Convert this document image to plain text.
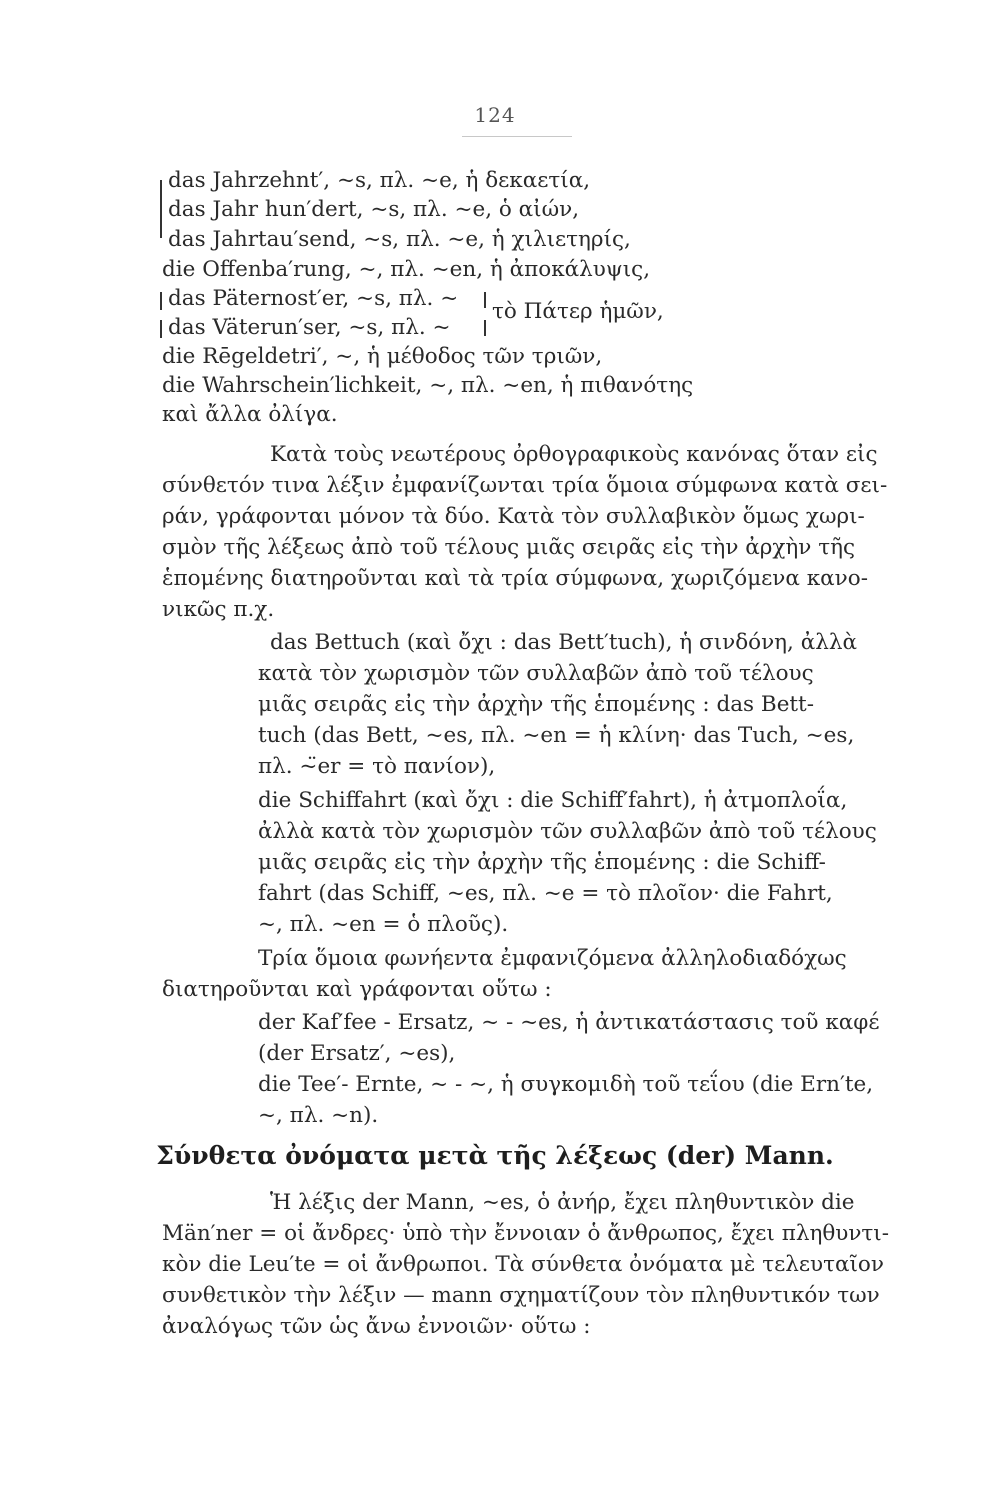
124
das Jahrzehnt′, ~s, πλ. ~e, ἡ δεκαετία,
das Jahr hun′dert, ~s, πλ. ~e, ὁ αἰών,
das Jahrtau′send, ~s, πλ. ~e, ἡ χιλιετηρίς,
die Offenba′rung, ~, πλ. ~en, ἡ ἀποκάλυψις,
das Päternost′er, ~s, πλ. ~
das Väterun′ser, ~s, πλ. ~
τὸ Πάτερ ἡμῶν,
die Rēgeldetri′, ~, ἡ μέθοδος τῶν τριῶν,
die Wahrschein′lichkeit, ~, πλ. ~en, ἡ πιθανότης
καὶ ἄλλα ὀλίγα.
Κατὰ τοὺς νεωτέρους ὀρθογραφικοὺς κανόνας ὅταν εἰς
σύνθετόν τινα λέξιν ἐμφανίζωνται τρία ὅμοια σύμφωνα κατὰ σει-
ράν, γράφονται μόνον τὰ δύο. Κατὰ τὸν συλλαβικὸν ὅμως χωρι-
σμὸν τῆς λέξεως ἀπὸ τοῦ τέλους μιᾶς σειρᾶς εἰς τὴν ἀρχὴν τῆς
ἑπομένης διατηροῦνται καὶ τὰ τρία σύμφωνα, χωριζόμενα κανο-
νικῶς π.χ.
das Bettuch (καὶ ὄχι : das Bett′tuch), ἡ σινδόνη, ἀλλὰ
κατὰ τὸν χωρισμὸν τῶν συλλαβῶν ἀπὸ τοῦ τέλους
μιᾶς σειρᾶς εἰς τὴν ἀρχὴν τῆς ἑπομένης : das Bett-
tuch (das Bett, ~es, πλ. ~en = ἡ κλίνη· das Tuch, ~es,
πλ. ~̈er = τὸ πανίον),
die Schiffahrt (καὶ ὄχι : die Schiff′fahrt), ἡ ἀτμοπλοΐα,
ἀλλὰ κατὰ τὸν χωρισμὸν τῶν συλλαβῶν ἀπὸ τοῦ τέλους
μιᾶς σειρᾶς εἰς τὴν ἀρχὴν τῆς ἑπομένης : die Schiff-
fahrt (das Schiff, ~es, πλ. ~e = τὸ πλοῖον· die Fahrt,
~, πλ. ~en = ὁ πλοῦς).
Τρία ὅμοια φωνήεντα ἐμφανιζόμενα ἀλληλοδιαδόχως
διατηροῦνται καὶ γράφονται οὕτω :
der Kaf′fee - Ersatz, ~ - ~es, ἡ ἀντικατάστασις τοῦ καφέ
(der Ersatz′, ~es),
die Tee′- Ernte, ~ - ~, ἡ συγκομιδὴ τοῦ τεΐου (die Ern′te,
~, πλ. ~n).
Σύνθετα ὀνόματα μετὰ τῆς λέξεως (der) Mann.
Ἡ λέξις der Mann, ~es, ὁ ἀνήρ, ἔχει πληθυντικὸν die
Män′ner = οἱ ἄνδρες· ὑπὸ τὴν ἔννοιαν ὁ ἄνθρωπος, ἔχει πληθυντι-
κὸν die Leu′te = οἱ ἄνθρωποι. Τὰ σύνθετα ὀνόματα μὲ τελευταῖον
συνθετικὸν τὴν λέξιν — mann σχηματίζουν τὸν πληθυντικόν των
ἀναλόγως τῶν ὡς ἄνω ἐννοιῶν· οὕτω :
